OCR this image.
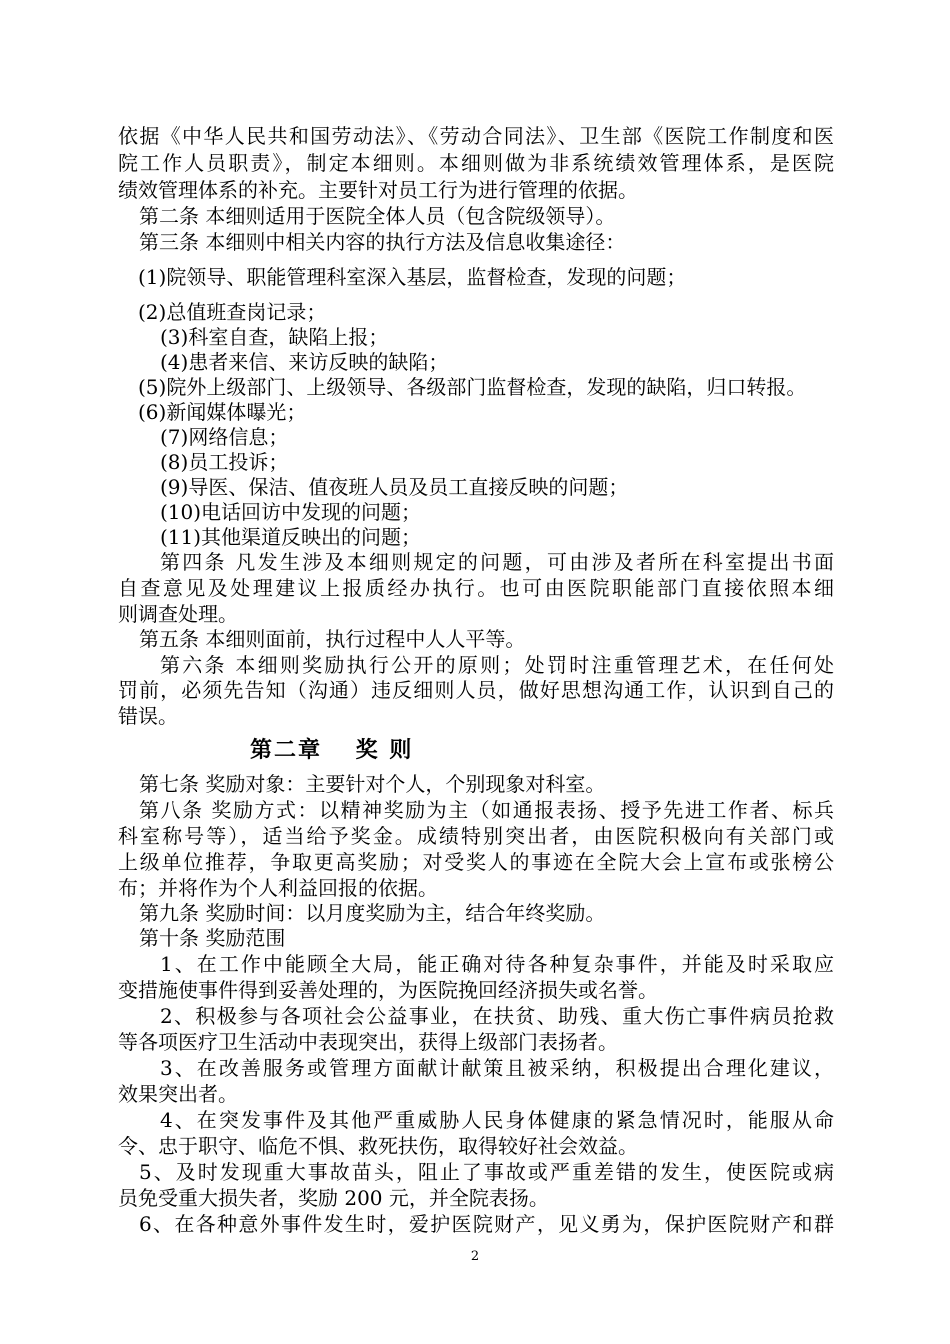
依据《中华人民共和国劳动法》、《劳动合同法》、卫生部《医院工作制度和医
院工作人员职责》，制定本细则。本细则做为非系统绩效管理体系，是医院
绩效管理体系的补充。主要针对员工行为进行管理的依据。
第二条 本细则适用于医院全体人员（包含院级领导）。
第三条 本细则中相关内容的执行方法及信息收集途径：
(1)院领导、职能管理科室深入基层，监督检查，发现的问题；
(2)总值班查岗记录；
(3)科室自查，缺陷上报；
(4)患者来信、来访反映的缺陷；
(5)院外上级部门、上级领导、各级部门监督检查，发现的缺陷，归口转报。
(6)新闻媒体曝光；
(7)网络信息；
(8)员工投诉；
(9)导医、保洁、值夜班人员及员工直接反映的问题；
(10)电话回访中发现的问题；
(11)其他渠道反映出的问题；
第四条 凡发生涉及本细则规定的问题，可由涉及者所在科室提出书面
自查意见及处理建议上报质经办执行。也可由医院职能部门直接依照本细
则调查处理。
第五条 本细则面前，执行过程中人人平等。
第六条 本细则奖励执行公开的原则；处罚时注重管理艺术，在任何处
罚前，必须先告知（沟通）违反细则人员，做好思想沟通工作，认识到自己的
错误。
第二章　 奖 则
第七条 奖励对象：主要针对个人，个别现象对科室。
第八条 奖励方式：以精神奖励为主（如通报表扬、授予先进工作者、标兵
科室称号等），适当给予奖金。成绩特别突出者，由医院积极向有关部门或
上级单位推荐，争取更高奖励；对受奖人的事迹在全院大会上宣布或张榜公
布；并将作为个人利益回报的依据。
第九条 奖励时间：以月度奖励为主，结合年终奖励。
第十条 奖励范围
1、在工作中能顾全大局，能正确对待各种复杂事件，并能及时采取应
变措施使事件得到妥善处理的，为医院挽回经济损失或名誉。
2、积极参与各项社会公益事业，在扶贫、助残、重大伤亡事件病员抢救
等各项医疗卫生活动中表现突出，获得上级部门表扬者。
3、在改善服务或管理方面献计献策且被采纳，积极提出合理化建议，
效果突出者。
4、在突发事件及其他严重威胁人民身体健康的紧急情况时，能服从命
令、忠于职守、临危不惧、救死扶伤，取得较好社会效益。
5、及时发现重大事故苗头，阻止了事故或严重差错的发生，使医院或病
员免受重大损失者，奖励 200 元，并全院表扬。
6、在各种意外事件发生时，爱护医院财产，见义勇为，保护医院财产和群
2
